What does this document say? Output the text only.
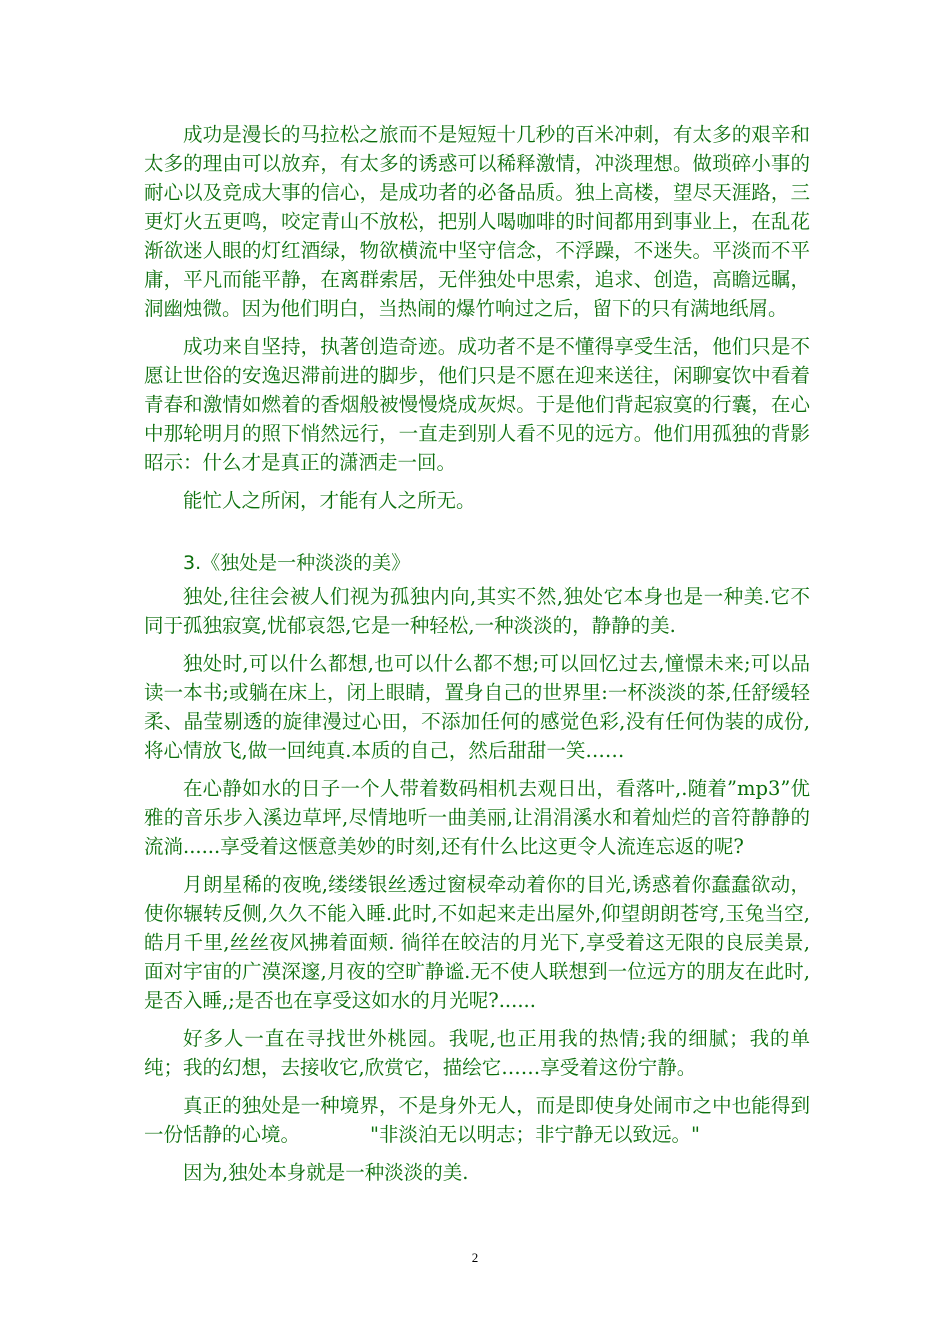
成功是漫长的马拉松之旅而不是短短十几秒的百米冲刺，有太多的艰辛和太多的理由可以放弃，有太多的诱惑可以稀释激情，冲淡理想。做琐碎小事的耐心以及竞成大事的信心，是成功者的必备品质。独上高楼，望尽天涯路，三更灯火五更鸣，咬定青山不放松，把别人喝咖啡的时间都用到事业上，在乱花渐欲迷人眼的灯红酒绿，物欲横流中坚守信念，不浮躁，不迷失。平淡而不平庸，平凡而能平静，在离群索居，无伴独处中思索，追求、创造，高瞻远瞩，洞幽烛微。因为他们明白，当热闹的爆竹响过之后，留下的只有满地纸屑。

成功来自坚持，执著创造奇迹。成功者不是不懂得享受生活，他们只是不愿让世俗的安逸迟滞前进的脚步，他们只是不愿在迎来送往，闲聊宴饮中看着青春和激情如燃着的香烟般被慢慢烧成灰烬。于是他们背起寂寞的行囊，在心中那轮明月的照下悄然远行，一直走到别人看不见的远方。他们用孤独的背影昭示：什么才是真正的潇洒走一回。

能忙人之所闲，才能有人之所无。

3.《独处是一种淡淡的美》

独处,往往会被人们视为孤独内向,其实不然,独处它本身也是一种美.它不同于孤独寂寞,忧郁哀怨,它是一种轻松,一种淡淡的，静静的美.

独处时,可以什么都想,也可以什么都不想;可以回忆过去,憧憬未来;可以品读一本书;或躺在床上，闭上眼睛，置身自己的世界里:一杯淡淡的茶,任舒缓轻柔、晶莹剔透的旋律漫过心田，不添加任何的感觉色彩,没有任何伪装的成份,将心情放飞,做一回纯真.本质的自己，然后甜甜一笑……

在心静如水的日子一个人带着数码相机去观日出，看落叶,.随着”mp3”优雅的音乐步入溪边草坪,尽情地听一曲美丽,让涓涓溪水和着灿烂的音符静静的流淌......享受着这惬意美妙的时刻,还有什么比这更令人流连忘返的呢?

月朗星稀的夜晚,缕缕银丝透过窗棂牵动着你的目光,诱惑着你蠢蠢欲动，使你辗转反侧,久久不能入睡.此时,不如起来走出屋外,仰望朗朗苍穹,玉兔当空,皓月千里,丝丝夜风拂着面颊. 徜徉在皎洁的月光下,享受着这无限的良辰美景,面对宇宙的广漠深邃,月夜的空旷静谧.无不使人联想到一位远方的朋友在此时,是否入睡,;是否也在享受这如水的月光呢?......

好多人一直在寻找世外桃园。我呢,也正用我的热情;我的细腻；我的单纯；我的幻想，去接收它,欣赏它，描绘它……享受着这份宁静。

真正的独处是一种境界，不是身外无人，而是即使身处闹市之中也能得到一份恬静的心境。	"非淡泊无以明志；非宁静无以致远。"

因为,独处本身就是一种淡淡的美.

2
